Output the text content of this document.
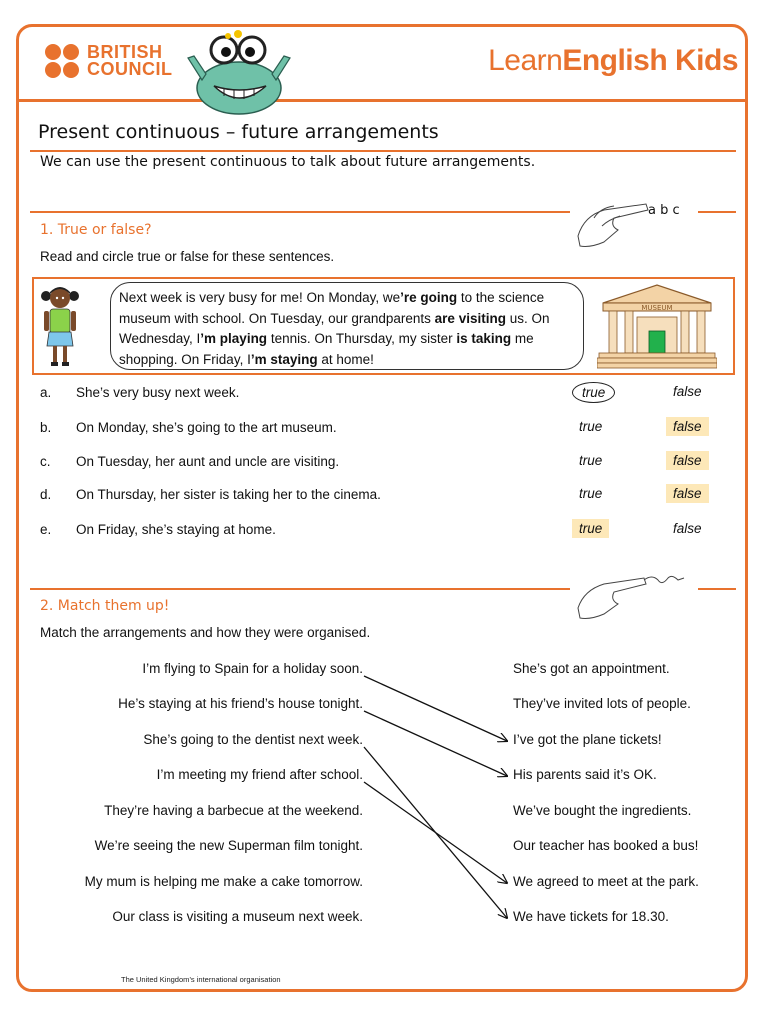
BRITISH
COUNCIL	LearnEnglish Kids
Present continuous – future arrangements
We can use the present continuous to talk about future arrangements.
1. True or false?
a b c
Read and circle true or false for these sentences.
Next week is very busy for me! On Monday, we’re going to the science museum with school. On Tuesday, our grandparents are visiting us. On Wednesday, I’m playing tennis. On Thursday, my sister is taking me shopping. On Friday, I’m staying at home!
MUSEUM
a. She’s very busy next week.	true	false
b. On Monday, she’s going to the art museum.	true	false
c. On Tuesday, her aunt and uncle are visiting.	true	false
d. On Thursday, her sister is taking her to the cinema.	true	false
e. On Friday, she’s staying at home.	true	false
2. Match them up!
Match the arrangements and how they were organised.
I’m flying to Spain for a holiday soon.
He’s staying at his friend’s house tonight.
She’s going to the dentist next week.
I’m meeting my friend after school.
They’re having a barbecue at the weekend.
We’re seeing the new Superman film tonight.
My mum is helping me make a cake tomorrow.
Our class is visiting a museum next week.
She’s got an appointment.
They’ve invited lots of people.
I’ve got the plane tickets!
His parents said it’s OK.
We’ve bought the ingredients.
Our teacher has booked a bus!
We agreed to meet at the park.
We have tickets for 18.30.
The United Kingdom’s international organisation
